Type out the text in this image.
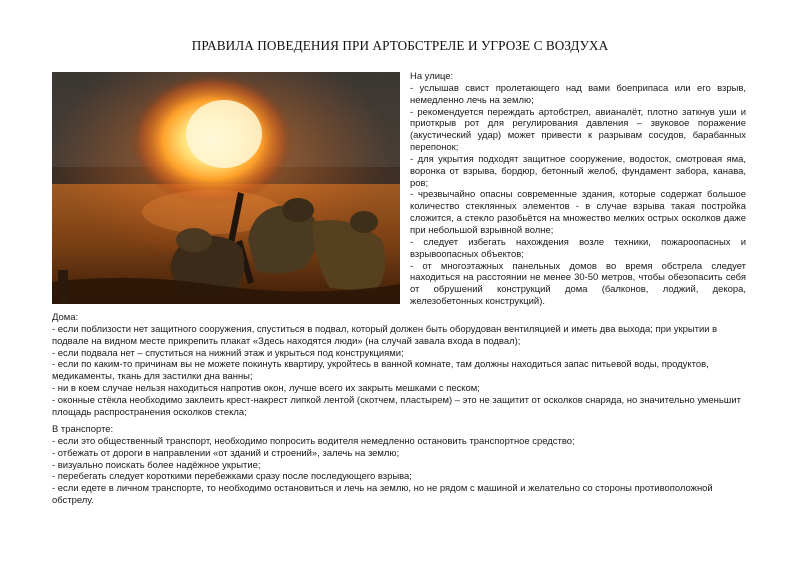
ПРАВИЛА ПОВЕДЕНИЯ ПРИ АРТОБСТРЕЛЕ И УГРОЗЕ С ВОЗДУХА
На улице:
- услышав свист пролетающего над вами боеприпаса или его взрыв, немедленно лечь на землю;
- рекомендуется переждать артобстрел, авианалёт, плотно заткнув уши и приоткрыв рот для регулирования давления – звуковое поражение (акустический удар) может привести к разрывам сосудов, барабанных перепонок;
- для укрытия подходят защитное сооружение, водосток, смотровая яма, воронка от взрыва, бордюр, бетонный желоб, фундамент забора, канава, ров;
- чрезвычайно опасны современные здания, которые содержат большое количество стеклянных элементов - в случае взрыва такая постройка сложится, а стекло разобьётся на множество мелких острых осколков даже при небольшой взрывной волне;
- следует избегать нахождения возле техники, пожароопасных и взрывоопасных объектов;
- от многоэтажных панельных домов во время обстрела следует находиться на расстоянии не менее 30-50 метров, чтобы обезопасить себя от обрушений конструкций дома (балконов, лоджий, декора, железобетонных конструкций).
Дома:
- если поблизости нет защитного сооружения, спуститься в подвал, который должен быть оборудован вентиляцией и иметь два выхода; при укрытии в подвале на видном месте прикрепить плакат «Здесь находятся люди» (на случай завала входа в подвал);
- если подвала нет – спуститься на нижний этаж и укрыться под конструкциями;
- если по каким-то причинам вы не можете покинуть квартиру, укройтесь в ванной комнате, там должны находиться запас питьевой воды, продуктов, медикаменты, ткань для застилки дна ванны;
- ни в коем случае нельзя находиться напротив окон, лучше всего их закрыть мешками с песком;
- оконные стёкла необходимо заклеить крест-накрест липкой лентой (скотчем, пластырем) – это не защитит от осколков снаряда, но значительно уменьшит площадь распространения осколков стекла;
В транспорте:
- если это общественный транспорт, необходимо попросить водителя немедленно остановить транспортное средство;
- отбежать от дороги в направлении «от зданий и строений», залечь на землю;
- визуально поискать более надёжное укрытие;
- перебегать следует короткими перебежками сразу после последующего взрыва;
- если едете в личном транспорте, то необходимо остановиться и лечь на землю, но не рядом с машиной и желательно со стороны противоположной обстрелу.
